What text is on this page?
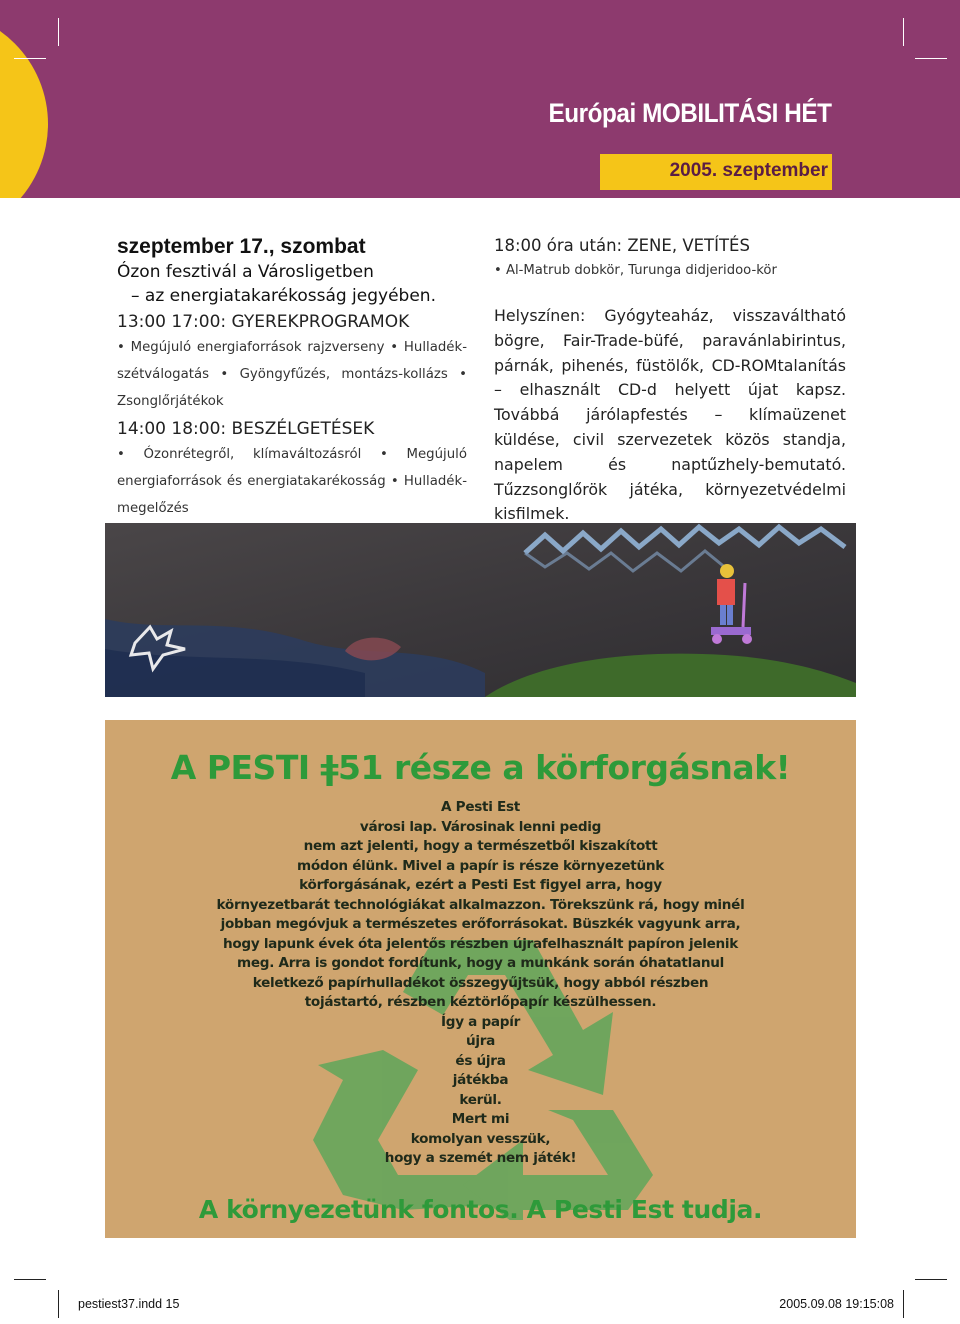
Európai MOBILITÁSI HÉT
2005. szeptember
szeptember 17., szombat
Ózon fesztivál a Városligetben
– az energiatakarékosság jegyében.
13:00 17:00: GYEREKPROGRAMOK
• Megújuló energiaforrások rajzverseny • Hulladék-szétválogatás • Gyöngyfűzés, montázs-kollázs • Zsonglőrjátékok
14:00 18:00: BESZÉLGETÉSEK
• Ózonrétegről, klímaváltozásról • Megújuló energiaforrások és energiatakarékosság • Hulladék-megelőzés
18:00 óra után: ZENE, VETÍTÉS
• Al-Matrub dobkör, Turunga didjeridoo-kör
Helyszínen: Gyógyteaház, visszaváltható bögre, Fair-Trade-büfé, paravánlabirintus, párnák, pihenés, füstölők, CD-ROMtalanítás – elhasznált CD-d helyett újat kapsz. Továbbá járólapfestés – klímaüzenet küldése, civil szervezetek közös standja, napelem és naptűzhely-bemutató. Tűzzsonglőrök játéka, környezetvédelmi kisfilmek.
A PESTI ǂ51 része a körforgásnak!
A Pesti Est
városi lap. Városinak lenni pedig
nem azt jelenti, hogy a természetből kiszakított
módon élünk. Mivel a papír is része környezetünk
körforgásának, ezért a Pesti Est figyel arra, hogy
környezetbarát technológiákat alkalmazzon. Törekszünk rá, hogy minél
jobban megóvjuk a természetes erőforrásokat. Büszkék vagyunk arra,
hogy lapunk évek óta jelentős részben újrafelhasznált papíron jelenik
meg. Arra is gondot fordítunk, hogy a munkánk során óhatatlanul
keletkező papírhulladékot összegyűjtsük, hogy abból részben
tojástartó, részben kéztörlőpapír készülhessen.
Így a papír
újra
és újra
játékba
kerül.
Mert mi
komolyan vesszük,
hogy a szemét nem játék!
A környezetünk fontos. A Pesti Est tudja.
pestiest37.indd 15	2005.09.08 19:15:08
